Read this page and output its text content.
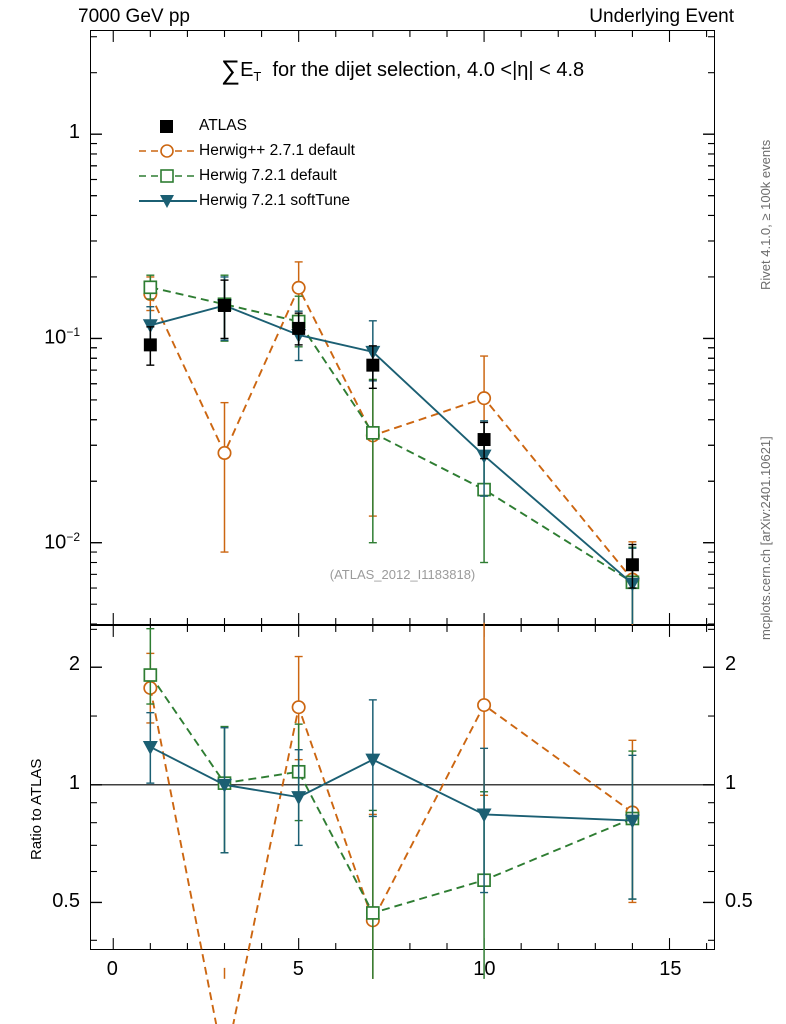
7000 GeV pp	Underlying Event
Rivet 4.1.0, ≥ 100k events
mcplots.cern.ch [arXiv:2401.10621]
$\sum E_T$ for the dijet selection, 4.0 <|η| < 4.8
(ATLAS_2012_I1183818)
ATLAS
Herwig++ 2.7.1 default
Herwig 7.2.1 default
Herwig 7.2.1 softTune
Ratio to ATLAS
1
$10^{-1}$
$10^{-2}$
0.5	0.5
1	1
2	2
0	5	10	15
